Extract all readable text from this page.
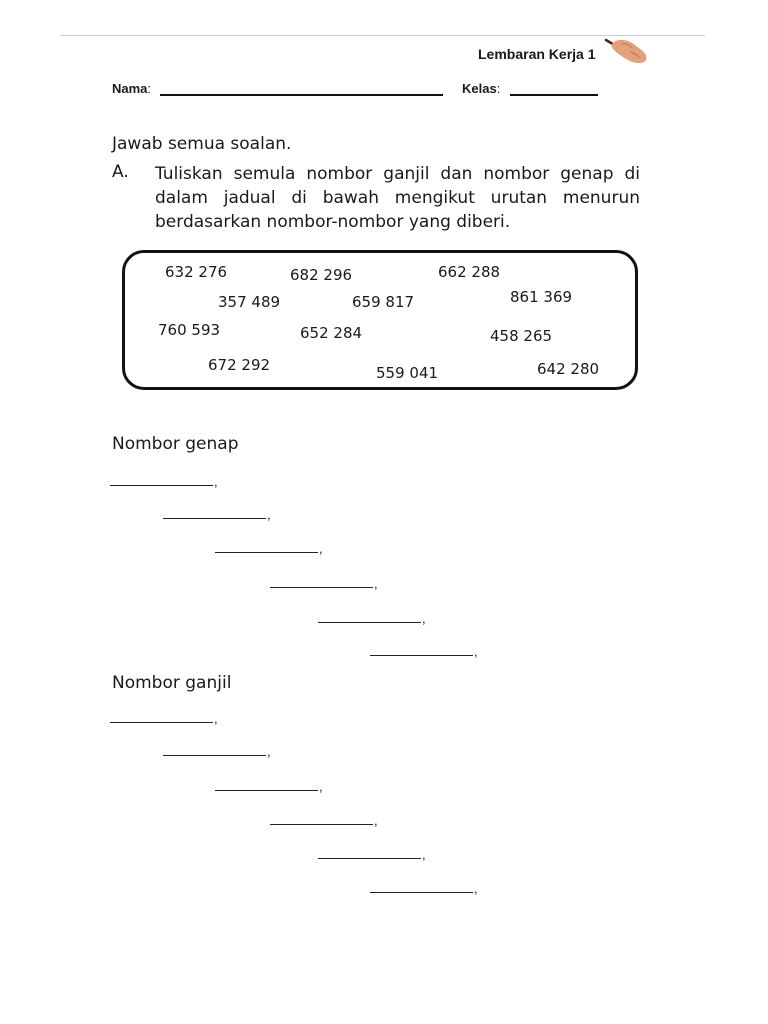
Lembaran Kerja 1
Nama:	Kelas:
Jawab semua soalan.
A. Tuliskan semula nombor ganjil dan nombor genap di
dalam jadual di bawah mengikut urutan menurun
berdasarkan nombor-nombor yang diberi.
632 276	682 296	662 288
357 489	659 817	861 369
760 593	652 284	458 265
672 292	559 041	642 280
Nombor genap
,
,
,
,
,
,
Nombor ganjil
,
,
,
,
,
,
